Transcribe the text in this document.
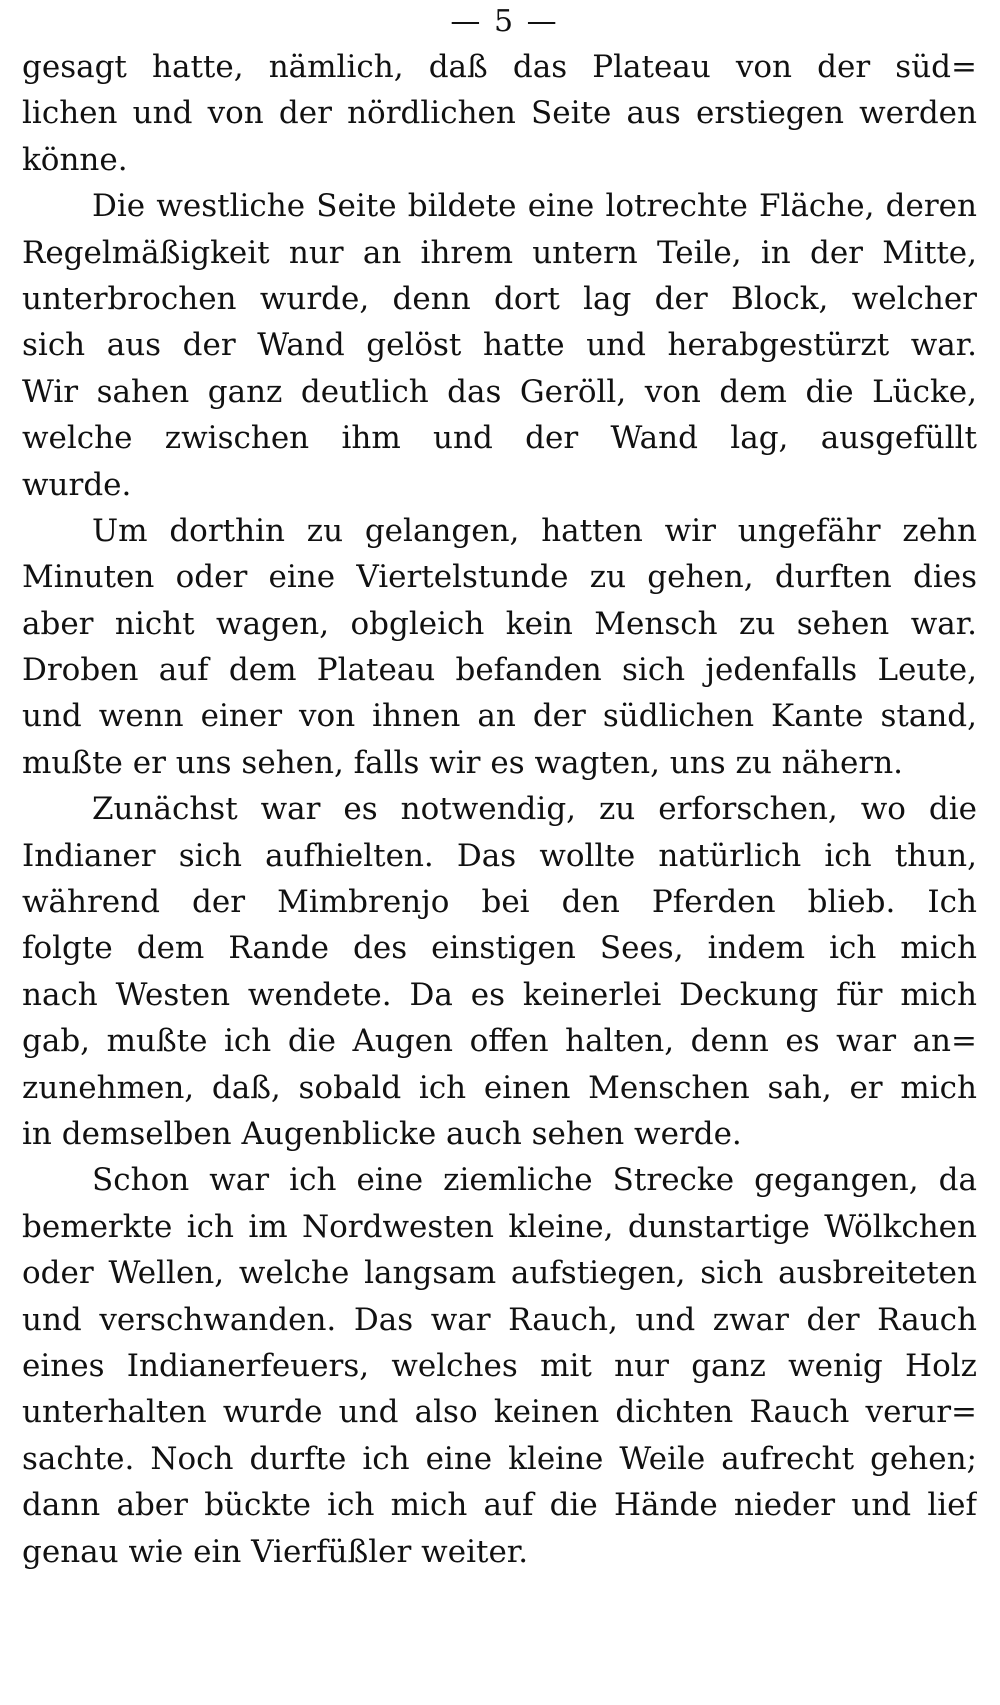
— 5 —
gesagt hatte, nämlich, daß das Plateau von der süd=
lichen und von der nördlichen Seite aus erstiegen werden
könne.
Die westliche Seite bildete eine lotrechte Fläche, deren
Regelmäßigkeit nur an ihrem untern Teile, in der Mitte,
unterbrochen wurde, denn dort lag der Block, welcher
sich aus der Wand gelöst hatte und herabgestürzt war.
Wir sahen ganz deutlich das Geröll, von dem die Lücke,
welche zwischen ihm und der Wand lag, ausgefüllt
wurde.
Um dorthin zu gelangen, hatten wir ungefähr zehn
Minuten oder eine Viertelstunde zu gehen, durften dies
aber nicht wagen, obgleich kein Mensch zu sehen war.
Droben auf dem Plateau befanden sich jedenfalls Leute,
und wenn einer von ihnen an der südlichen Kante stand,
mußte er uns sehen, falls wir es wagten, uns zu nähern.
Zunächst war es notwendig, zu erforschen, wo die
Indianer sich aufhielten. Das wollte natürlich ich thun,
während der Mimbrenjo bei den Pferden blieb. Ich
folgte dem Rande des einstigen Sees, indem ich mich
nach Westen wendete. Da es keinerlei Deckung für mich
gab, mußte ich die Augen offen halten, denn es war an=
zunehmen, daß, sobald ich einen Menschen sah, er mich
in demselben Augenblicke auch sehen werde.
Schon war ich eine ziemliche Strecke gegangen, da
bemerkte ich im Nordwesten kleine, dunstartige Wölkchen
oder Wellen, welche langsam aufstiegen, sich ausbreiteten
und verschwanden. Das war Rauch, und zwar der Rauch
eines Indianerfeuers, welches mit nur ganz wenig Holz
unterhalten wurde und also keinen dichten Rauch verur=
sachte. Noch durfte ich eine kleine Weile aufrecht gehen;
dann aber bückte ich mich auf die Hände nieder und lief
genau wie ein Vierfüßler weiter.
